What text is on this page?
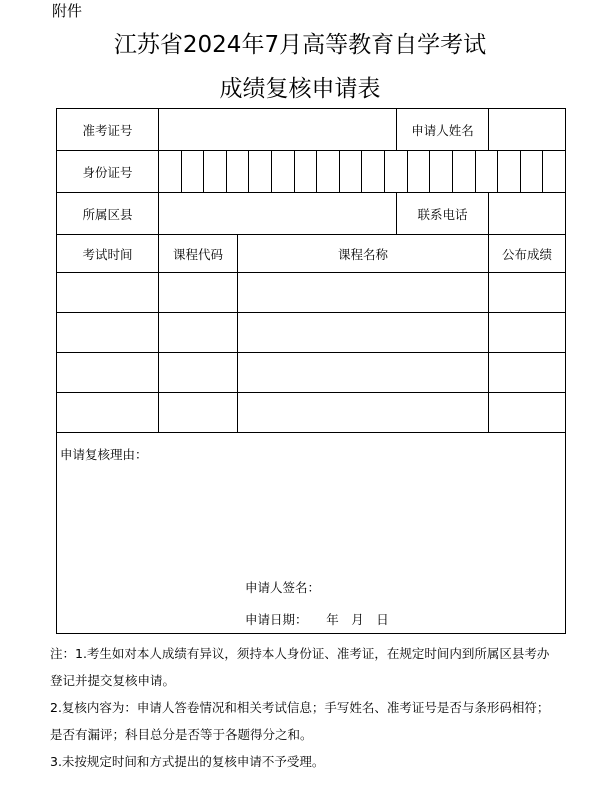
附件
江苏省2024年7月高等教育自学考试
成绩复核申请表
准考证号			申请人姓名	
身份证号				

所属区县			联系电话	
考试时间	课程代码	课程名称		公布成绩

申请复核理由：
申请人签名：
申请日期：　　年　月　日				

注：1.考生如对本人成绩有异议，须持本人身份证、准考证，在规定时间内到所属区县考办登记并提交复核申请。

2.复核内容为：申请人答卷情况和相关考试信息；手写姓名、准考证号是否与条形码相符；是否有漏评；科目总分是否等于各题得分之和。

3.未按规定时间和方式提出的复核申请不予受理。
